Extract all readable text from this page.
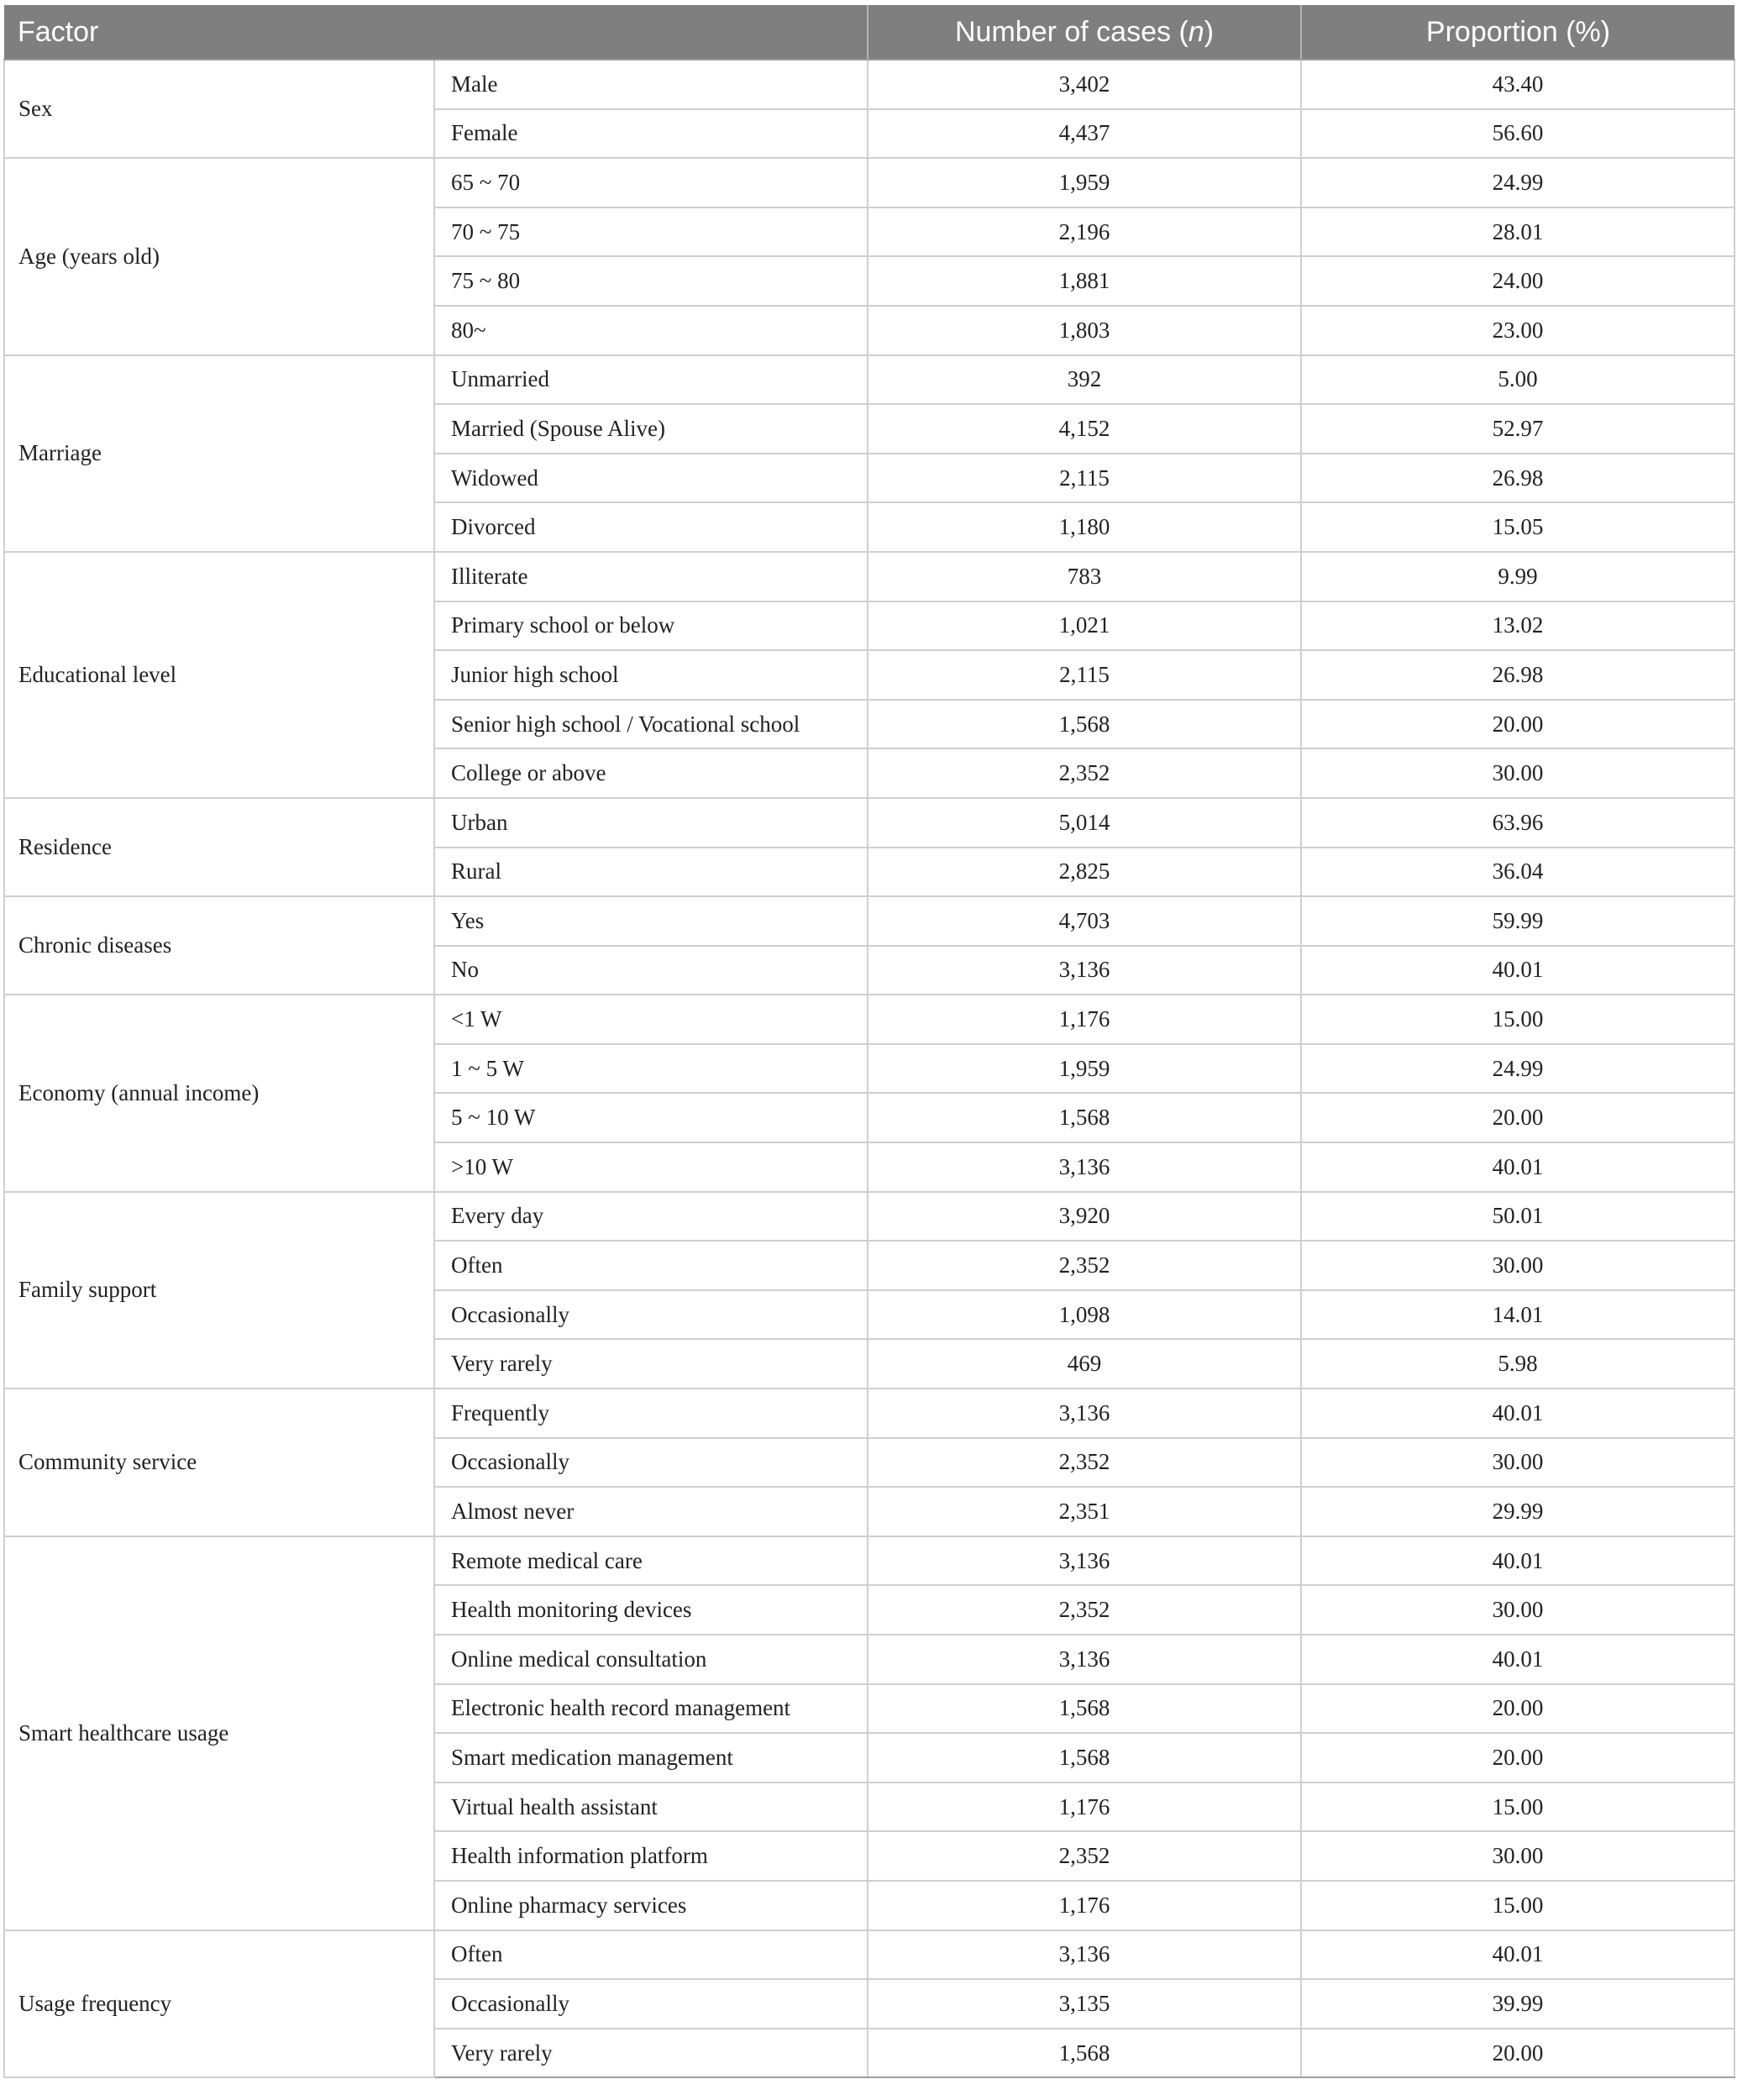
Factor		Number of cases (n)	Proportion (%)
Sex	Male	3,402	43.40
	Female	4,437	56.60
Age (years old)	65 ~ 70	1,959	24.99
	70 ~ 75	2,196	28.01
	75 ~ 80	1,881	24.00
	80~	1,803	23.00
Marriage	Unmarried	392	5.00
	Married (Spouse Alive)	4,152	52.97
	Widowed	2,115	26.98
	Divorced	1,180	15.05
Educational level	Illiterate	783	9.99
	Primary school or below	1,021	13.02
	Junior high school	2,115	26.98
	Senior high school / Vocational school	1,568	20.00
	College or above	2,352	30.00
Residence	Urban	5,014	63.96
	Rural	2,825	36.04
Chronic diseases	Yes	4,703	59.99
	No	3,136	40.01
Economy (annual income)	<1 W	1,176	15.00
	1 ~ 5 W	1,959	24.99
	5 ~ 10 W	1,568	20.00
	>10 W	3,136	40.01
Family support	Every day	3,920	50.01
	Often	2,352	30.00
	Occasionally	1,098	14.01
	Very rarely	469	5.98
Community service	Frequently	3,136	40.01
	Occasionally	2,352	30.00
	Almost never	2,351	29.99
Smart healthcare usage	Remote medical care	3,136	40.01
	Health monitoring devices	2,352	30.00
	Online medical consultation	3,136	40.01
	Electronic health record management	1,568	20.00
	Smart medication management	1,568	20.00
	Virtual health assistant	1,176	15.00
	Health information platform	2,352	30.00
	Online pharmacy services	1,176	15.00
Usage frequency	Often	3,136	40.01
	Occasionally	3,135	39.99
	Very rarely	1,568	20.00
